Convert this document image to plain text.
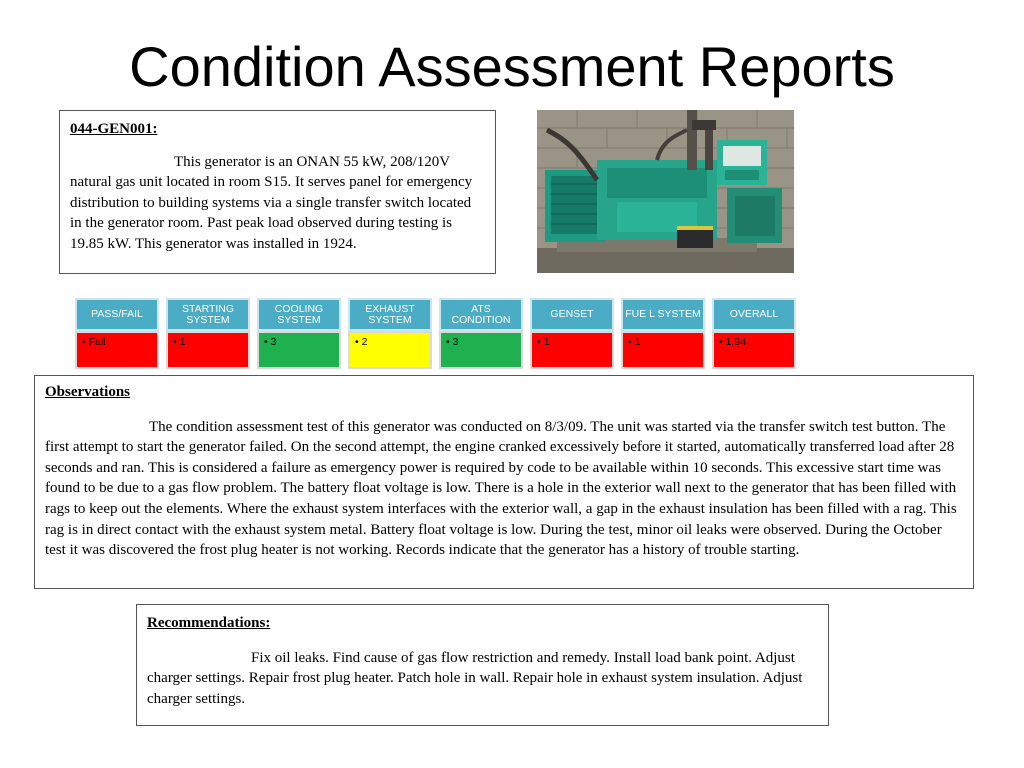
Condition Assessment Reports
044-GEN001:

This generator is an ONAN 55 kW, 208/120V natural gas unit located in room S15. It serves panel for emergency distribution to building systems via a single transfer switch located in the generator room. Past peak load observed during testing is 19.85 kW. This generator was installed in 1924.

PASS/FAIL
• Fail
STARTING SYSTEM
• 1
COOLING SYSTEM
• 3
EXHAUST SYSTEM
• 2
ATS CONDITION
• 3
GENSET
• 1
FUE L SYSTEM
• 1
OVERALL
• 1.94
Observations

The condition assessment test of this generator was conducted on 8/3/09. The unit was started via the transfer switch test button. The first attempt to start the generator failed. On the second attempt, the engine cranked excessively before it started, automatically transferred load after 28 seconds and ran. This is considered a failure as emergency power is required by code to be available within 10 seconds. This excessive start time was found to be due to a gas flow problem. The battery float voltage is low. There is a hole in the exterior wall next to the generator that has been filled with rags to keep out the elements. Where the exhaust system interfaces with the exterior wall, a gap in the exhaust insulation has been filled with a rag. This rag is in direct contact with the exhaust system metal. Battery float voltage is low. During the test, minor oil leaks were observed. During the October test it was discovered the frost plug heater is not working. Records indicate that the generator has a history of trouble starting.

Recommendations:

Fix oil leaks. Find cause of gas flow restriction and remedy. Install load bank point. Adjust charger settings. Repair frost plug heater. Patch hole in wall. Repair hole in exhaust system insulation. Adjust charger settings.
